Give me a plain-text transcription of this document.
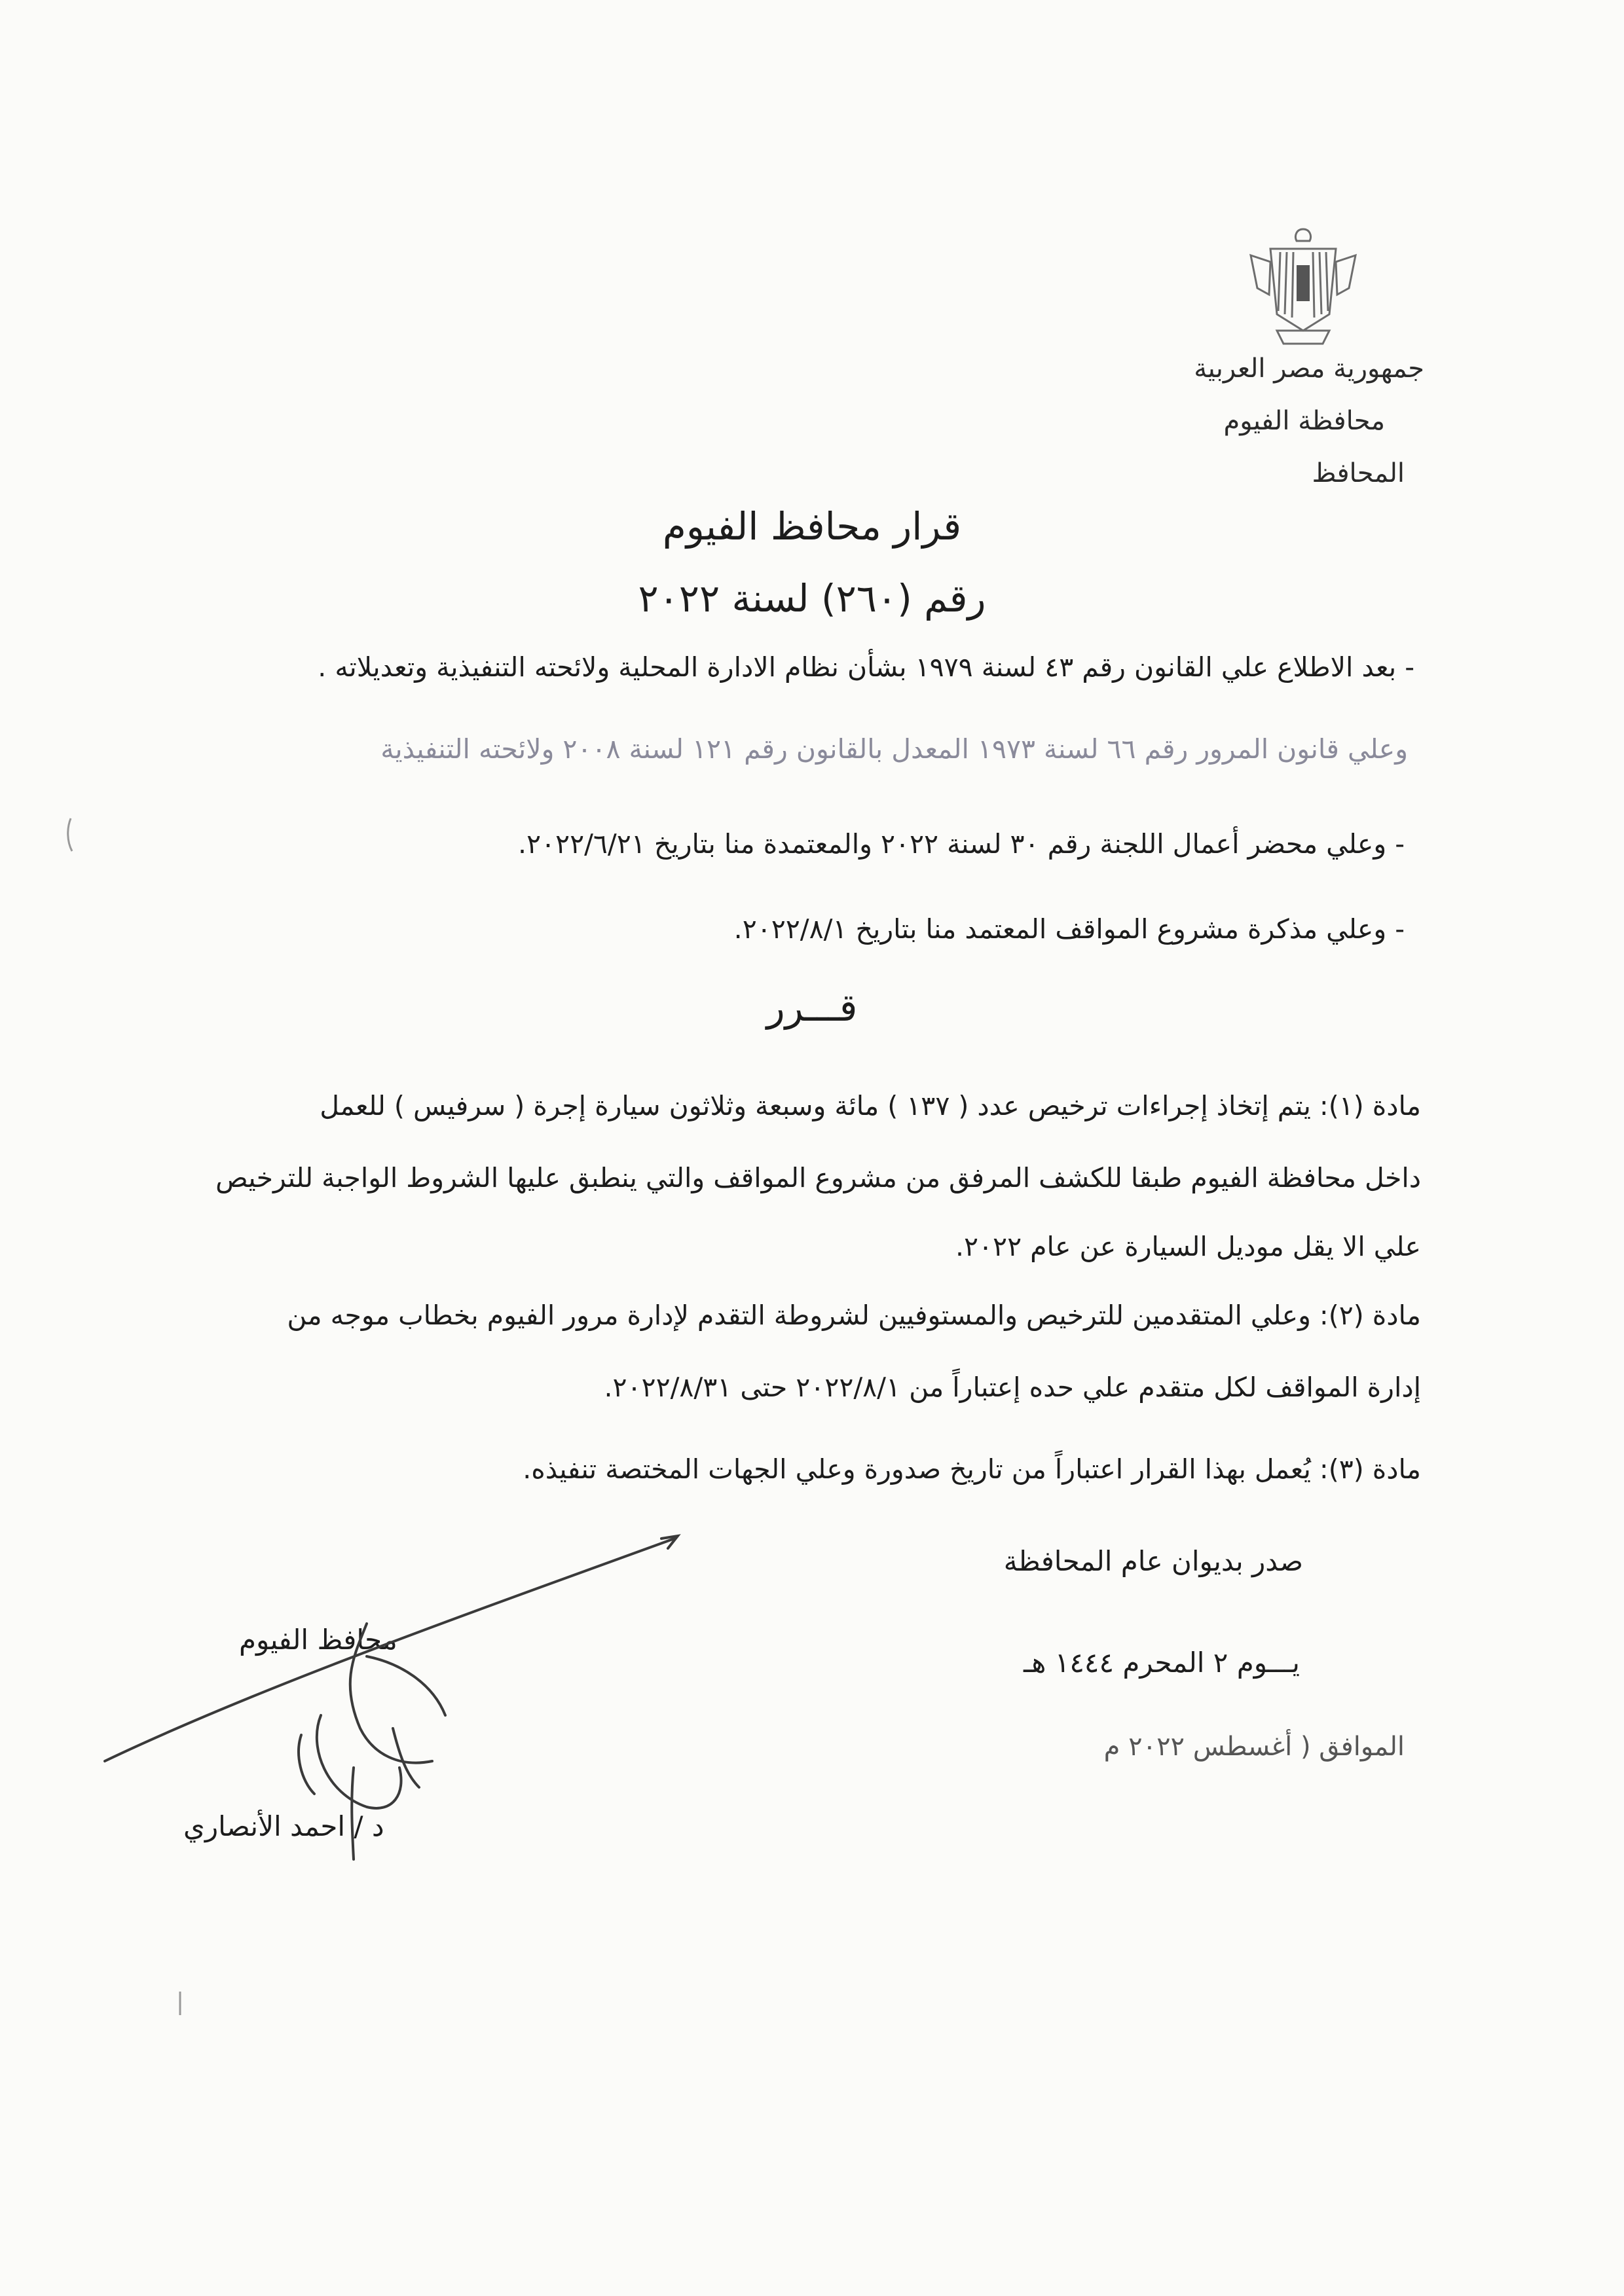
جمهورية مصر العربية
محافظة الفيوم
المحافظ
قرار محافظ الفيوم
رقم (٢٦٠) لسنة ٢٠٢٢
- بعد الاطلاع علي القانون رقم ٤٣ لسنة ١٩٧٩ بشأن نظام الادارة المحلية ولائحته التنفيذية وتعديلاته .
وعلي قانون المرور رقم ٦٦ لسنة ١٩٧٣ المعدل بالقانون رقم ١٢١ لسنة ٢٠٠٨ ولائحته التنفيذية
- وعلي محضر أعمال اللجنة رقم ٣٠ لسنة ٢٠٢٢ والمعتمدة منا بتاريخ ٢٠٢٢/٦/٢١.
- وعلي مذكرة مشروع المواقف المعتمد منا بتاريخ ٢٠٢٢/٨/١.
قـــرر
مادة (١): يتم إتخاذ إجراءات ترخيص عدد ( ١٣٧ ) مائة وسبعة وثلاثون سيارة إجرة ( سرفيس ) للعمل
داخل محافظة الفيوم طبقا للكشف المرفق من مشروع المواقف والتي ينطبق عليها الشروط الواجبة للترخيص
علي الا يقل موديل السيارة عن عام ٢٠٢٢.
مادة (٢): وعلي المتقدمين للترخيص والمستوفيين لشروطة التقدم لإدارة مرور الفيوم بخطاب موجه من
إدارة المواقف لكل متقدم علي حده إعتباراً من ٢٠٢٢/٨/١ حتى ٢٠٢٢/٨/٣١.
مادة (٣): يُعمل بهذا القرار اعتباراً من تاريخ صدورة وعلي الجهات المختصة تنفيذه.
صدر بديوان عام المحافظة
يـــوم ٢ المحرم ١٤٤٤ هـ
الموافق ( أغسطس ٢٠٢٢ م
محافظ الفيوم
د / احمد الأنصاري
